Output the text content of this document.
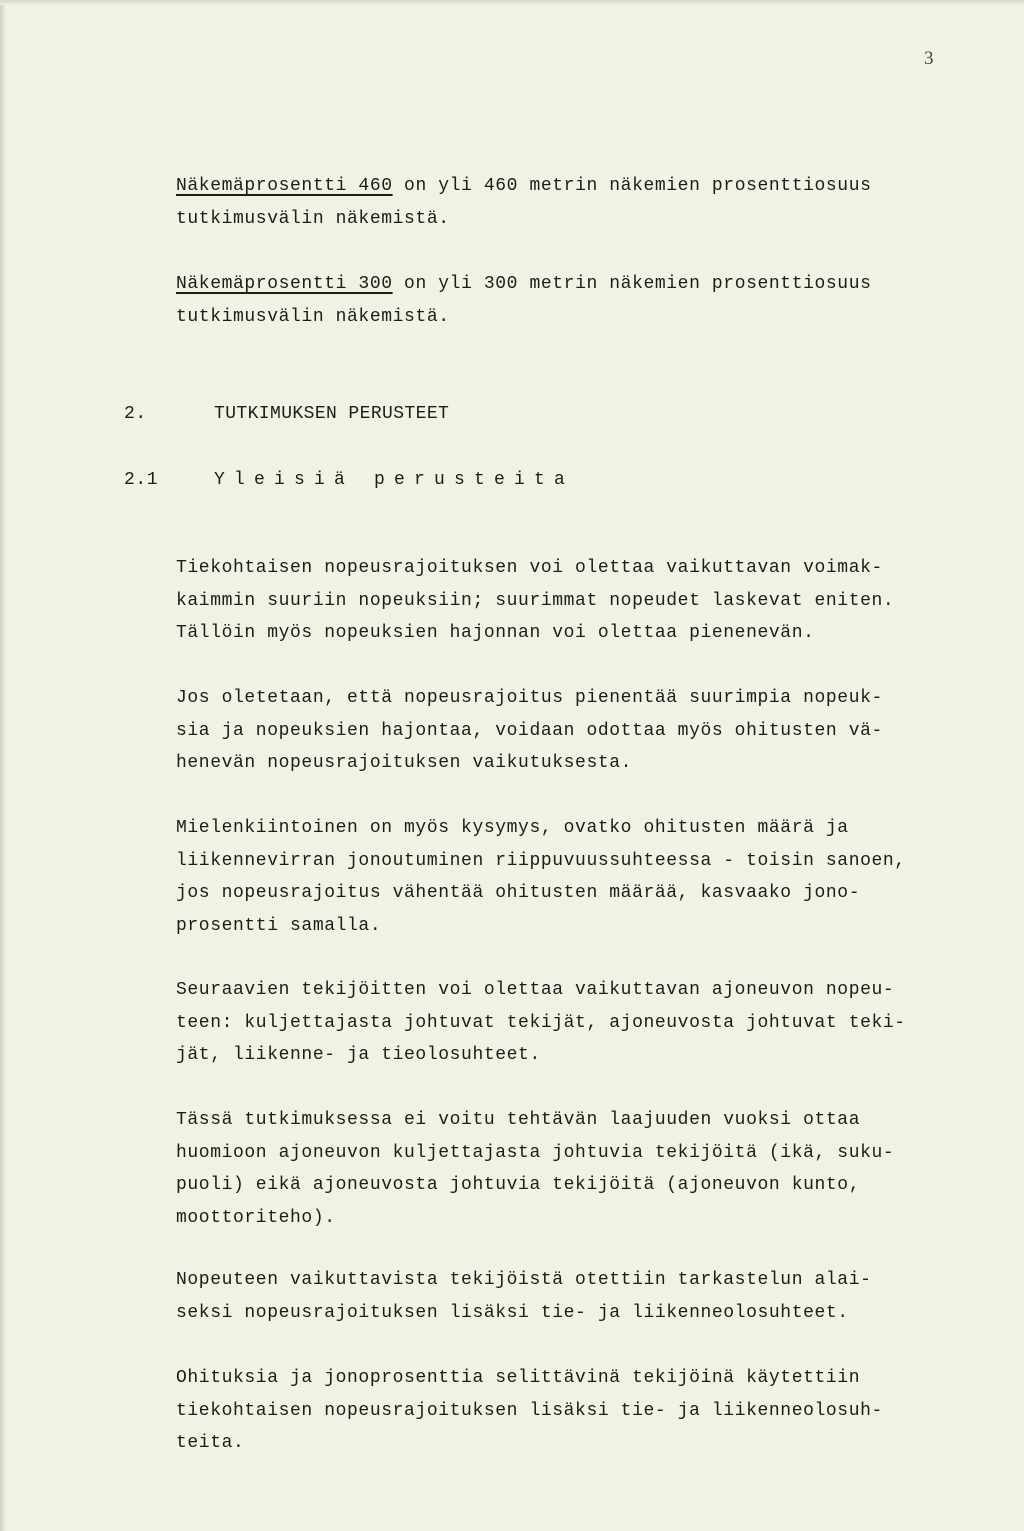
3
Näkemäprosentti 460 on yli 460 metrin näkemien prosenttiosuus
tutkimusvälin näkemistä.
Näkemäprosentti 300 on yli 300 metrin näkemien prosenttiosuus
tutkimusvälin näkemistä.
2.	TUTKIMUKSEN PERUSTEET
2.1	Yleisiä perusteita
Tiekohtaisen nopeusrajoituksen voi olettaa vaikuttavan voimak-
kaimmin suuriin nopeuksiin; suurimmat nopeudet laskevat eniten.
Tällöin myös nopeuksien hajonnan voi olettaa pienenevän.
Jos oletetaan, että nopeusrajoitus pienentää suurimpia nopeuk-
sia ja nopeuksien hajontaa, voidaan odottaa myös ohitusten vä-
henevän nopeusrajoituksen vaikutuksesta.
Mielenkiintoinen on myös kysymys, ovatko ohitusten määrä ja
liikennevirran jonoutuminen riippuvuussuhteessa - toisin sanoen,
jos nopeusrajoitus vähentää ohitusten määrää, kasvaako jono-
prosentti samalla.
Seuraavien tekijöitten voi olettaa vaikuttavan ajoneuvon nopeu-
teen: kuljettajasta johtuvat tekijät, ajoneuvosta johtuvat teki-
jät, liikenne- ja tieolosuhteet.
Tässä tutkimuksessa ei voitu tehtävän laajuuden vuoksi ottaa
huomioon ajoneuvon kuljettajasta johtuvia tekijöitä (ikä, suku-
puoli) eikä ajoneuvosta johtuvia tekijöitä (ajoneuvon kunto,
moottoriteho).
Nopeuteen vaikuttavista tekijöistä otettiin tarkastelun alai-
seksi nopeusrajoituksen lisäksi tie- ja liikenneolosuhteet.
Ohituksia ja jonoprosenttia selittävinä tekijöinä käytettiin
tiekohtaisen nopeusrajoituksen lisäksi tie- ja liikenneolosuh-
teita.
